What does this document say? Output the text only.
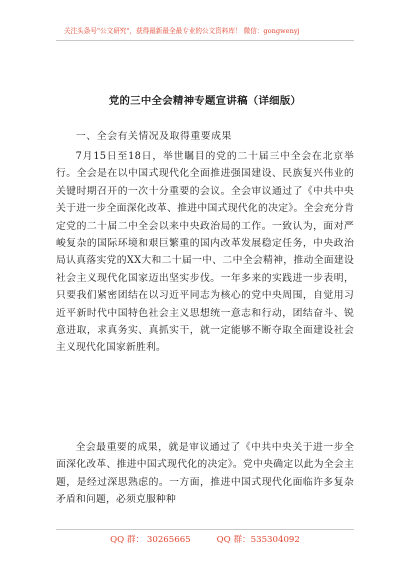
关注头条号"公文研究"，获得最新最全最专业的公文资料库！ 微信：gongwenyj
党的三中全会精神专题宣讲稿（详细版）
一、全会有关情况及取得重要成果

7月15日至18日，举世瞩目的党的二十届三中全会在北京举行。全会是在以中国式现代化全面推进强国建设、民族复兴伟业的关键时期召开的一次十分重要的会议。全会审议通过了《中共中央关于进一步全面深化改革、推进中国式现代化的决定》。全会充分肯定党的二十届二中全会以来中央政治局的工作。一致认为，面对严峻复杂的国际环境和艰巨繁重的国内改革发展稳定任务，中央政治局认真落实党的XX大和二十届一中、二中全会精神，推动全面建设社会主义现代化国家迈出坚实步伐。一年多来的实践进一步表明，只要我们紧密团结在以习近平同志为核心的党中央周围，自觉用习近平新时代中国特色社会主义思想统一意志和行动，团结奋斗、锐意进取，求真务实、真抓实干，就一定能够不断夺取全面建设社会主义现代化国家新胜利。

全会最重要的成果，就是审议通过了《中共中央关于进一步全面深化改革、推进中国式现代化的决定》。党中央确定以此为全会主题，是经过深思熟虑的。一方面，推进中国式现代化面临许多复杂矛盾和问题，必须克服种种

QQ 群： 30265665	QQ 群：535304092
